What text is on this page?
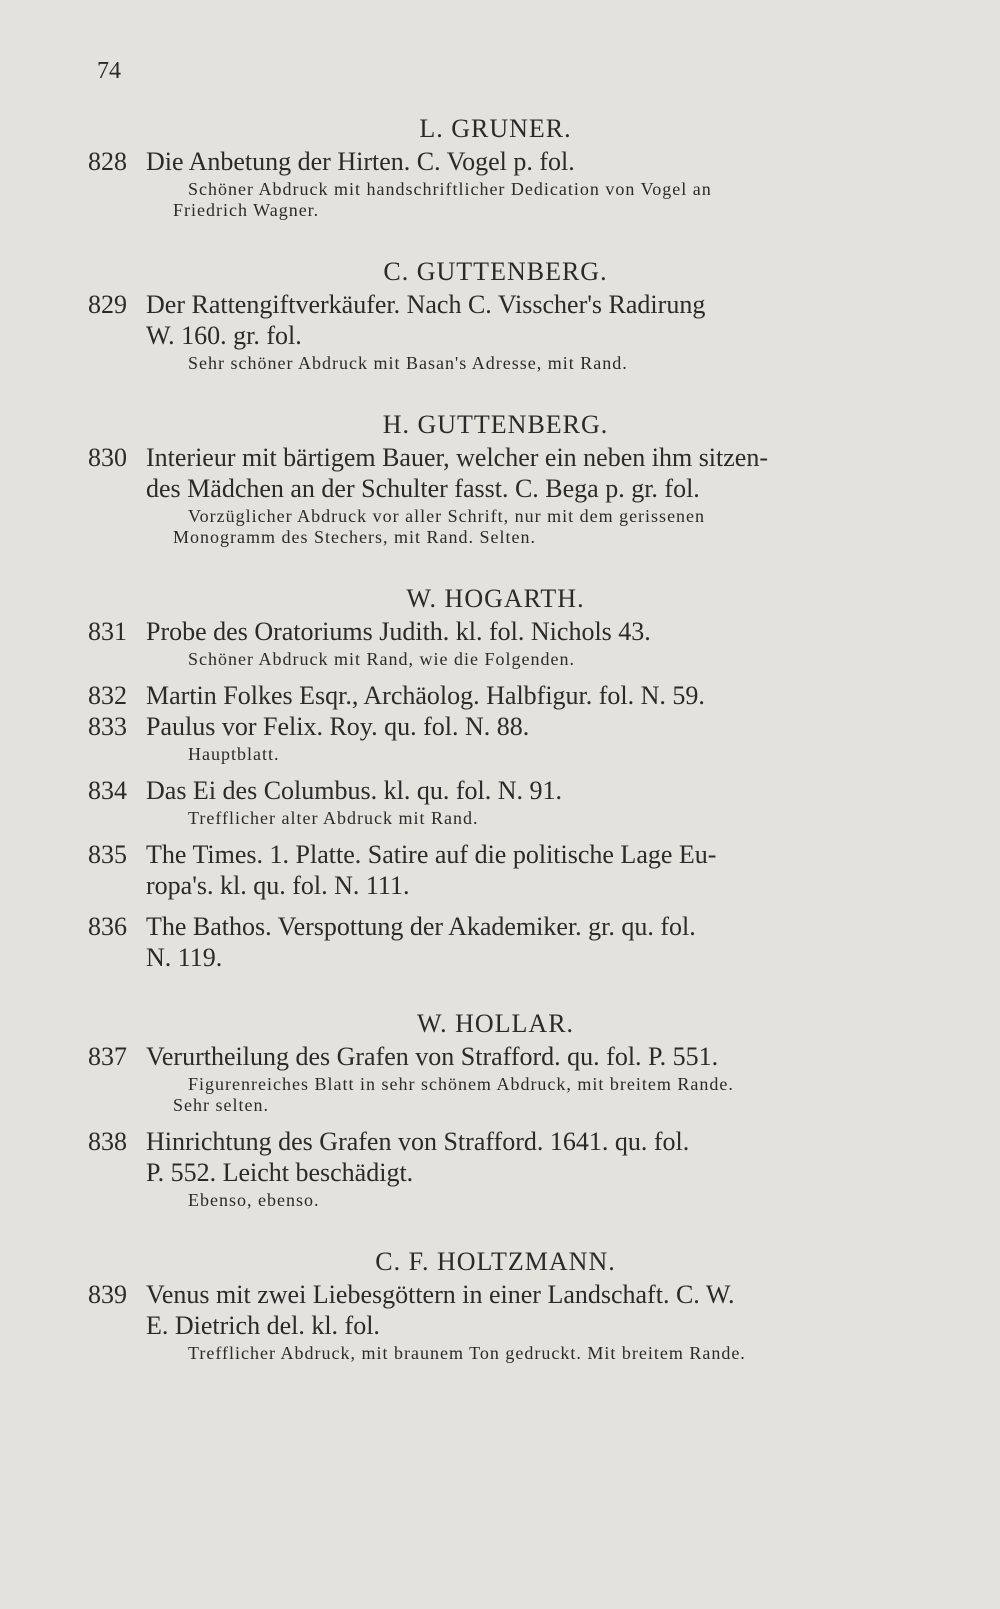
74
L. GRUNER.
828 Die Anbetung der Hirten. C. Vogel p. fol.
Schöner Abdruck mit handschriftlicher Dedication von Vogel an
Friedrich Wagner.
C. GUTTENBERG.
829 Der Rattengiftverkäufer. Nach C. Visscher's Radirung
W. 160. gr. fol.
Sehr schöner Abdruck mit Basan's Adresse, mit Rand.
H. GUTTENBERG.
830 Interieur mit bärtigem Bauer, welcher ein neben ihm sitzen-
des Mädchen an der Schulter fasst. C. Bega p. gr. fol.
Vorzüglicher Abdruck vor aller Schrift, nur mit dem gerissenen
Monogramm des Stechers, mit Rand. Selten.
W. HOGARTH.
831 Probe des Oratoriums Judith. kl. fol. Nichols 43.
Schöner Abdruck mit Rand, wie die Folgenden.
832 Martin Folkes Esqr., Archäolog. Halbfigur. fol. N. 59.
833 Paulus vor Felix. Roy. qu. fol. N. 88.
Hauptblatt.
834 Das Ei des Columbus. kl. qu. fol. N. 91.
Trefflicher alter Abdruck mit Rand.
835 The Times. 1. Platte. Satire auf die politische Lage Eu-
ropa's. kl. qu. fol. N. 111.
836 The Bathos. Verspottung der Akademiker. gr. qu. fol.
N. 119.
W. HOLLAR.
837 Verurtheilung des Grafen von Strafford. qu. fol. P. 551.
Figurenreiches Blatt in sehr schönem Abdruck, mit breitem Rande.
Sehr selten.
838 Hinrichtung des Grafen von Strafford. 1641. qu. fol.
P. 552. Leicht beschädigt.
Ebenso, ebenso.
C. F. HOLTZMANN.
839 Venus mit zwei Liebesgöttern in einer Landschaft. C. W.
E. Dietrich del. kl. fol.
Trefflicher Abdruck, mit braunem Ton gedruckt. Mit breitem Rande.
